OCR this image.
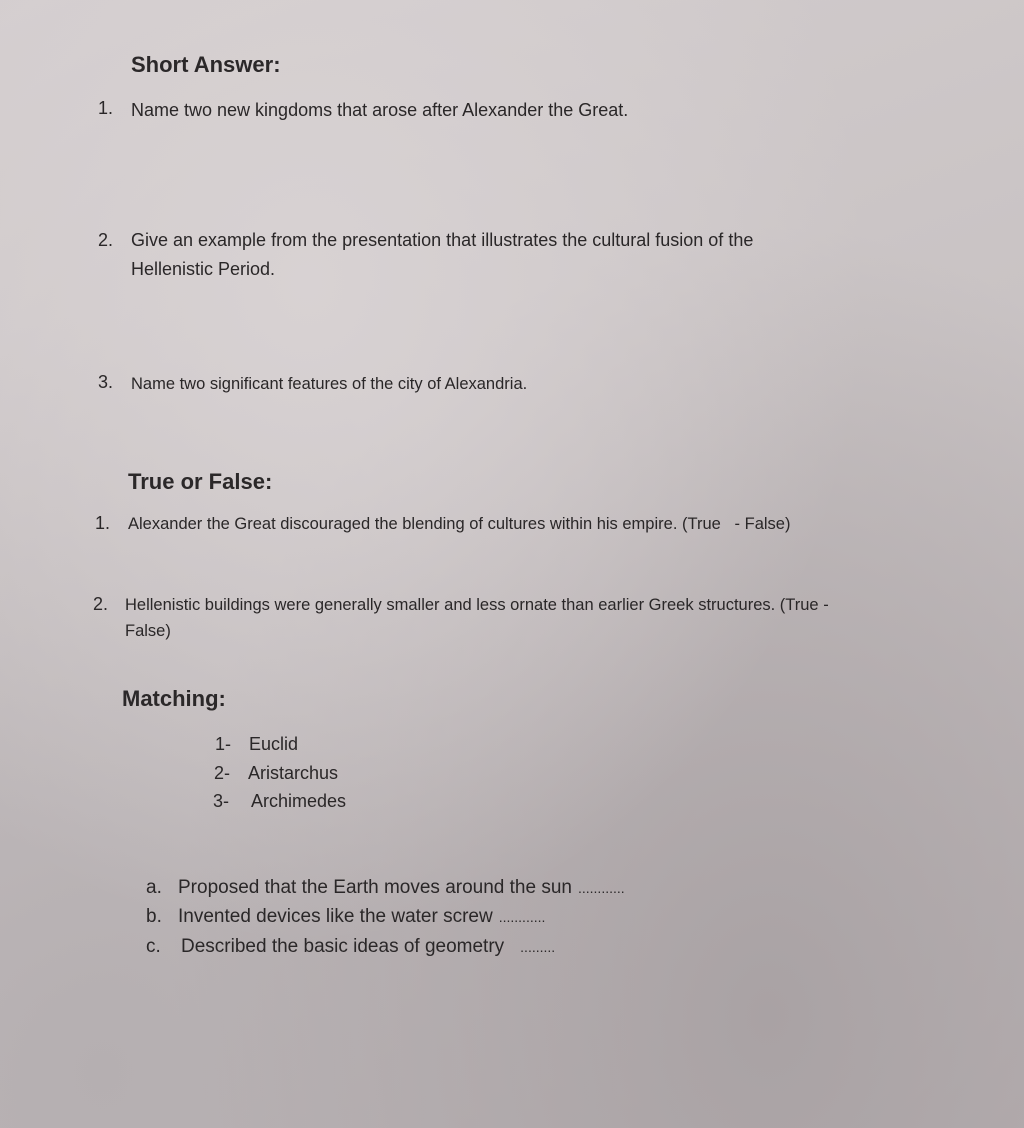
Short Answer:
1. Name two new kingdoms that arose after Alexander the Great.
2. Give an example from the presentation that illustrates the cultural fusion of the
Hellenistic Period.
3. Name two significant features of the city of Alexandria.
True or False:
1. Alexander the Great discouraged the blending of cultures within his empire. (True   - False)
2. Hellenistic buildings were generally smaller and less ornate than earlier Greek structures. (True -
False)
Matching:
1- Euclid
2- Aristarchus
3- Archimedes
a. Proposed that the Earth moves around the sun ............
b. Invented devices like the water screw ............
c. Described the basic ideas of geometry .........
